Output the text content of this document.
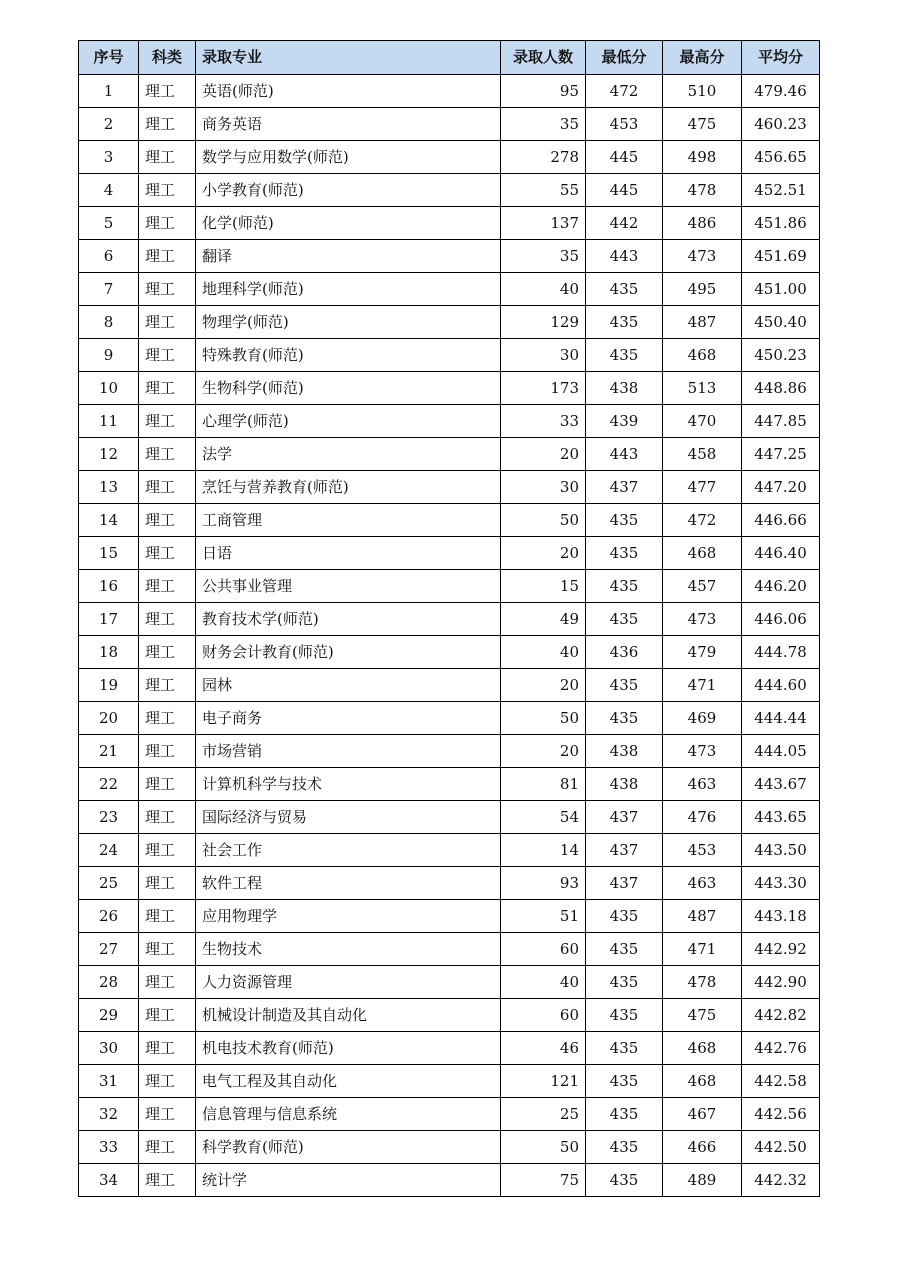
序号	科类	录取专业	录取人数	最低分	最高分	平均分
1	理工	英语(师范)	95	472	510	479.46
2	理工	商务英语	35	453	475	460.23
3	理工	数学与应用数学(师范)	278	445	498	456.65
4	理工	小学教育(师范)	55	445	478	452.51
5	理工	化学(师范)	137	442	486	451.86
6	理工	翻译	35	443	473	451.69
7	理工	地理科学(师范)	40	435	495	451.00
8	理工	物理学(师范)	129	435	487	450.40
9	理工	特殊教育(师范)	30	435	468	450.23
10	理工	生物科学(师范)	173	438	513	448.86
11	理工	心理学(师范)	33	439	470	447.85
12	理工	法学	20	443	458	447.25
13	理工	烹饪与营养教育(师范)	30	437	477	447.20
14	理工	工商管理	50	435	472	446.66
15	理工	日语	20	435	468	446.40
16	理工	公共事业管理	15	435	457	446.20
17	理工	教育技术学(师范)	49	435	473	446.06
18	理工	财务会计教育(师范)	40	436	479	444.78
19	理工	园林	20	435	471	444.60
20	理工	电子商务	50	435	469	444.44
21	理工	市场营销	20	438	473	444.05
22	理工	计算机科学与技术	81	438	463	443.67
23	理工	国际经济与贸易	54	437	476	443.65
24	理工	社会工作	14	437	453	443.50
25	理工	软件工程	93	437	463	443.30
26	理工	应用物理学	51	435	487	443.18
27	理工	生物技术	60	435	471	442.92
28	理工	人力资源管理	40	435	478	442.90
29	理工	机械设计制造及其自动化	60	435	475	442.82
30	理工	机电技术教育(师范)	46	435	468	442.76
31	理工	电气工程及其自动化	121	435	468	442.58
32	理工	信息管理与信息系统	25	435	467	442.56
33	理工	科学教育(师范)	50	435	466	442.50
34	理工	统计学	75	435	489	442.32
